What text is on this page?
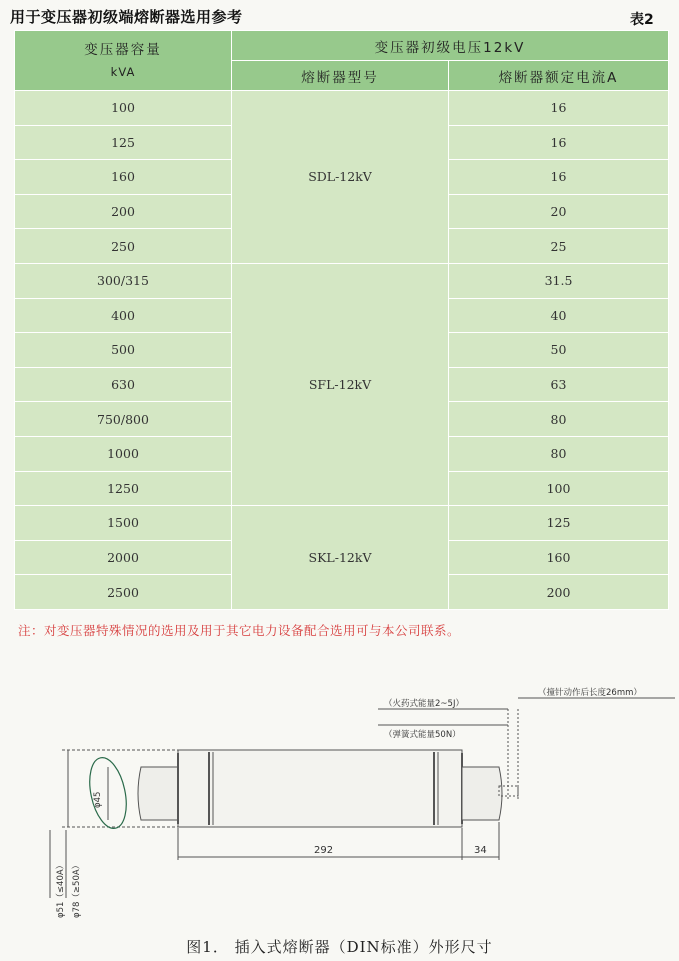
用于变压器初级端熔断器选用参考	表2
变压器容量
kVA	变压器初级电压12kV	
	熔断器型号	熔断器额定电流A
100	SDL-12kV	16
125		16
160		16
200		20
250		25
300/315	SFL-12kV	31.5
400		40
500		50
630		63
750/800		80
1000		80
1250		100
1500	SKL-12kV	125
2000		160
2500		200
注：对变压器特殊情况的选用及用于其它电力设备配合选用可与本公司联系。
（火药式能量2~5J）
（弹簧式能量50N）
（撞针动作后长度26mm）
292	34
φ45
φ51（≤40A） φ78（≥50A）
图1． 插入式熔断器（DIN标准）外形尺寸
